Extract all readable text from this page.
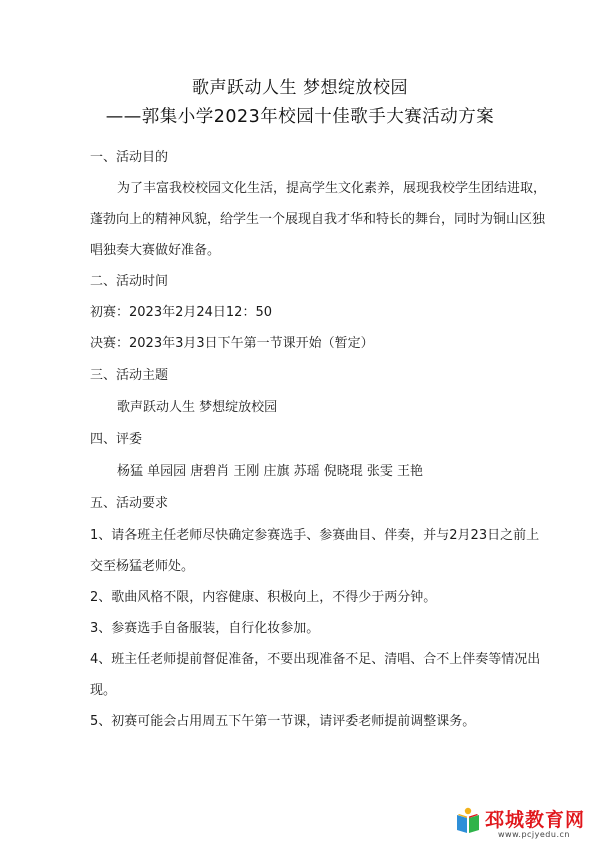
歌声跃动人生 梦想绽放校园
——郭集小学2023年校园十佳歌手大赛活动方案
一、活动目的
为了丰富我校校园文化生活，提高学生文化素养，展现我校学生团结进取，
蓬勃向上的精神风貌，给学生一个展现自我才华和特长的舞台，同时为铜山区独
唱独奏大赛做好准备。
二、活动时间
初赛：2023年2月24日12：50
决赛：2023年3月3日下午第一节课开始（暂定）
三、活动主题
歌声跃动人生 梦想绽放校园
四、评委
杨猛 单园园 唐碧肖 王刚 庄旗 苏瑶 倪晓琨 张雯 王艳
五、活动要求
1、请各班主任老师尽快确定参赛选手、参赛曲目、伴奏，并与2月23日之前上
交至杨猛老师处。
2、歌曲风格不限，内容健康、积极向上，不得少于两分钟。
3、参赛选手自备服装，自行化妆参加。
4、班主任老师提前督促准备，不要出现准备不足、清唱、合不上伴奏等情况出
现。
5、初赛可能会占用周五下午第一节课，请评委老师提前调整课务。
邳城教育网
www.pcjyedu.cn
